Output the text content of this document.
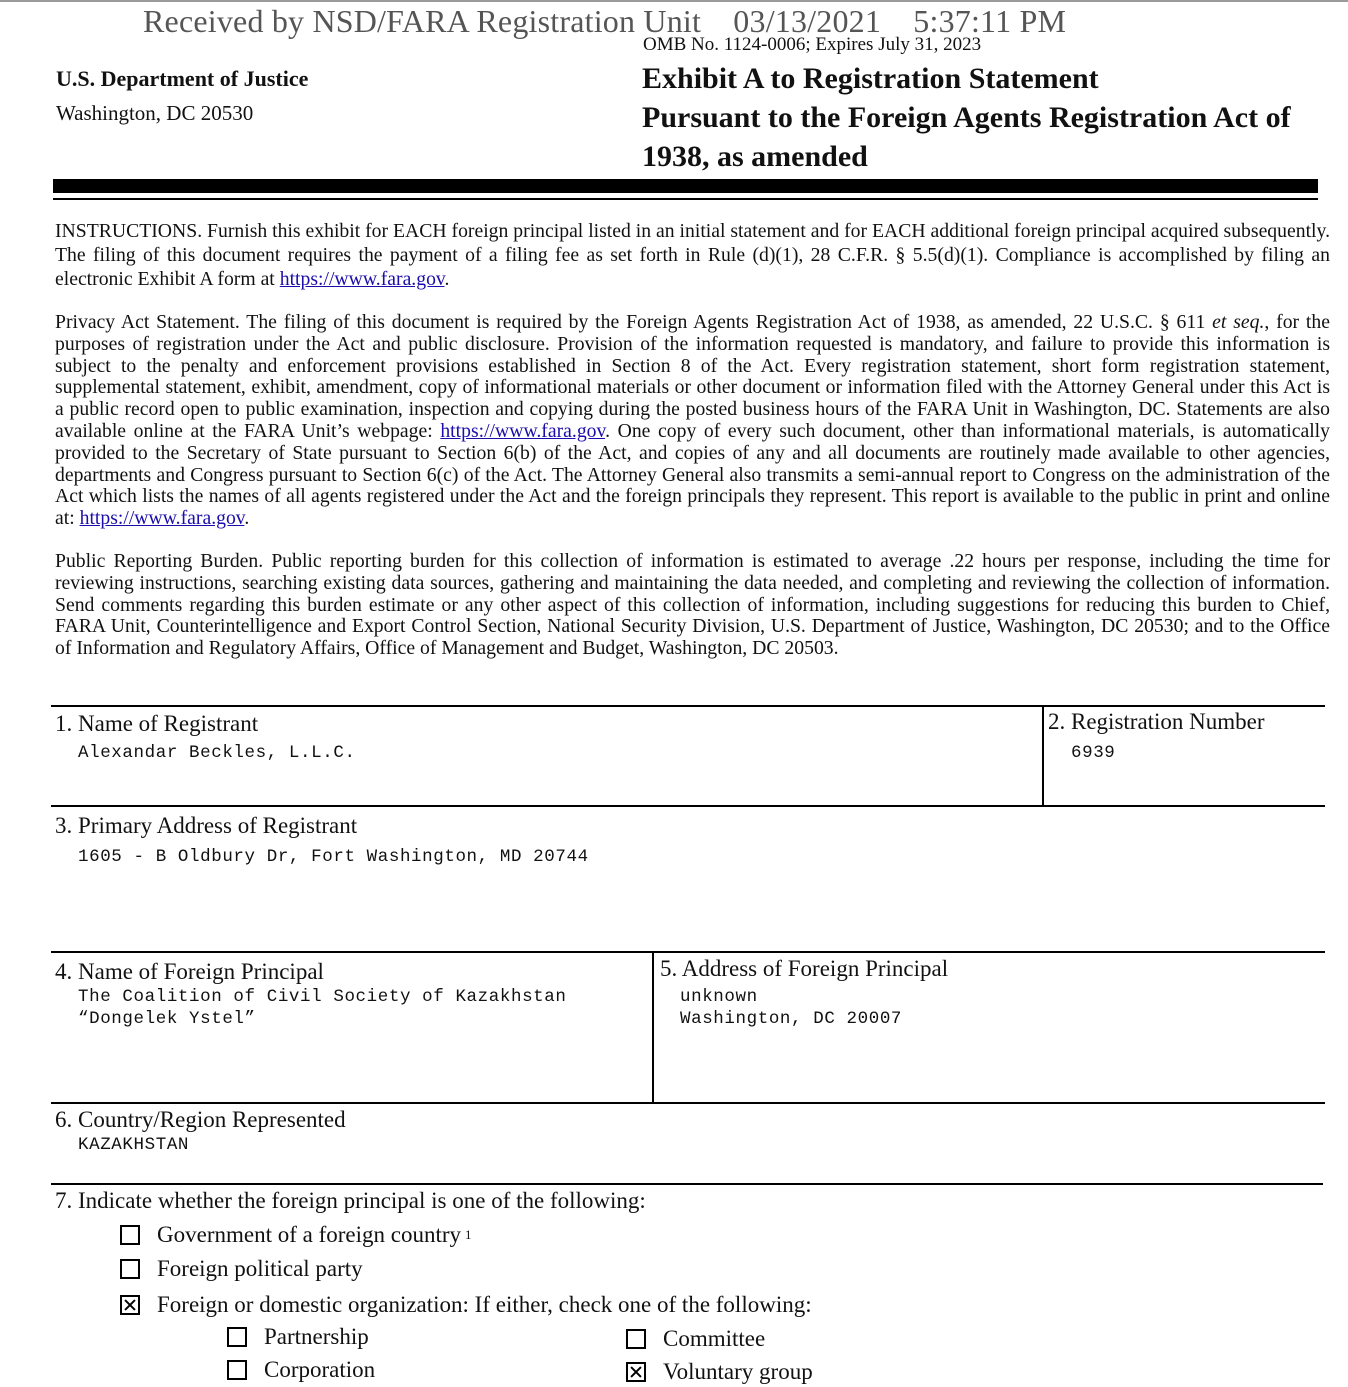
Received by NSD/FARA Registration Unit 03/13/2021 5:37:11 PM
OMB No. 1124-0006; Expires July 31, 2023
U.S. Department of Justice
Washington, DC 20530
Exhibit A to Registration Statement
Pursuant to the Foreign Agents Registration Act of
1938, as amended
INSTRUCTIONS. Furnish this exhibit for EACH foreign principal listed in an initial statement and for EACH additional foreign principal acquired subsequently. The filing of this document requires the payment of a filing fee as set forth in Rule (d)(1), 28 C.F.R. § 5.5(d)(1). Compliance is accomplished by filing an electronic Exhibit A form at https://www.fara.gov.
Privacy Act Statement. The filing of this document is required by the Foreign Agents Registration Act of 1938, as amended, 22 U.S.C. § 611 et seq., for the purposes of registration under the Act and public disclosure. Provision of the information requested is mandatory, and failure to provide this information is subject to the penalty and enforcement provisions established in Section 8 of the Act. Every registration statement, short form registration statement, supplemental statement, exhibit, amendment, copy of informational materials or other document or information filed with the Attorney General under this Act is a public record open to public examination, inspection and copying during the posted business hours of the FARA Unit in Washington, DC. Statements are also available online at the FARA Unit’s webpage: https://www.fara.gov. One copy of every such document, other than informational materials, is automatically provided to the Secretary of State pursuant to Section 6(b) of the Act, and copies of any and all documents are routinely made available to other agencies, departments and Congress pursuant to Section 6(c) of the Act. The Attorney General also transmits a semi-annual report to Congress on the administration of the Act which lists the names of all agents registered under the Act and the foreign principals they represent. This report is available to the public in print and online at: https://www.fara.gov.
Public Reporting Burden. Public reporting burden for this collection of information is estimated to average .22 hours per response, including the time for reviewing instructions, searching existing data sources, gathering and maintaining the data needed, and completing and reviewing the collection of information. Send comments regarding this burden estimate or any other aspect of this collection of information, including suggestions for reducing this burden to Chief, FARA Unit, Counterintelligence and Export Control Section, National Security Division, U.S. Department of Justice, Washington, DC 20530; and to the Office of Information and Regulatory Affairs, Office of Management and Budget, Washington, DC 20503.
1. Name of Registrant
Alexandar Beckles, L.L.C.
2. Registration Number
6939
3. Primary Address of Registrant
1605 - B Oldbury Dr, Fort Washington, MD 20744
4. Name of Foreign Principal
The Coalition of Civil Society of Kazakhstan
“Dongelek Ystel”
5. Address of Foreign Principal
unknown
Washington, DC 20007
6. Country/Region Represented
KAZAKHSTAN
7. Indicate whether the foreign principal is one of the following:
Government of a foreign country 1
Foreign political party
Foreign or domestic organization: If either, check one of the following:
Partnership	Committee
Corporation	Voluntary group
